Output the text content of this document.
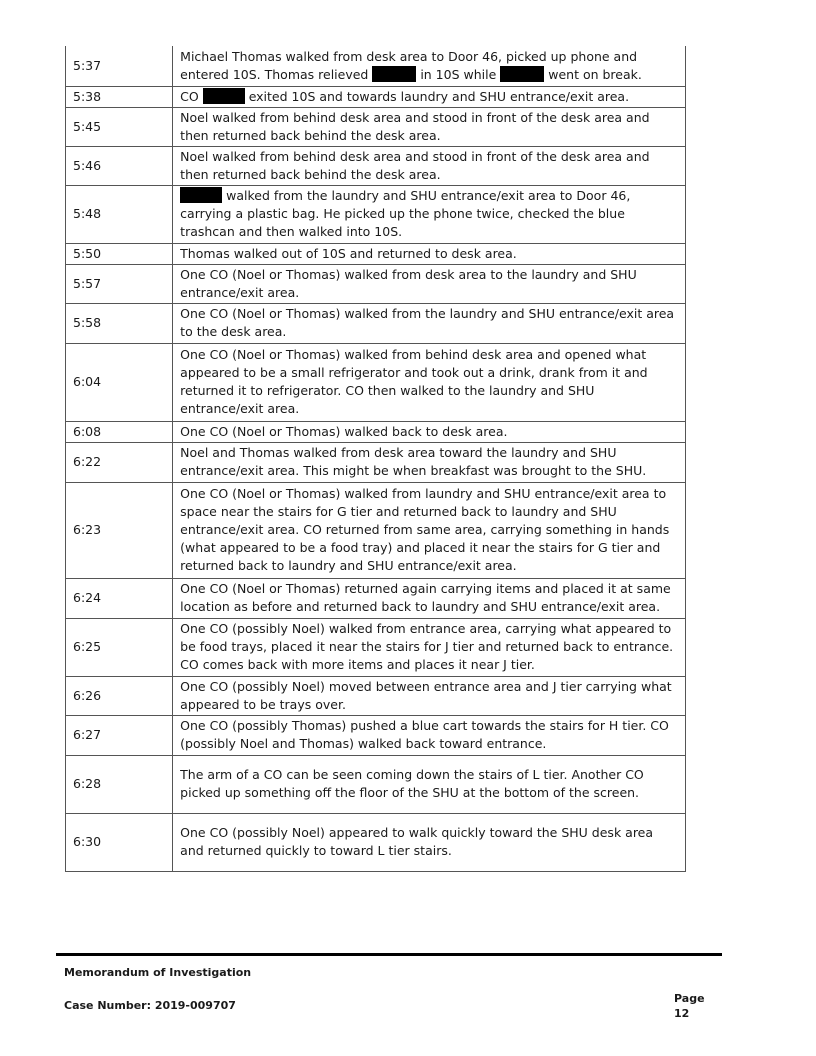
5:37	Michael Thomas walked from desk area to Door 46, picked up phone and entered 10S. Thomas relieved in 10S while went on break.
5:38	CO exited 10S and towards laundry and SHU entrance/exit area.
5:45	Noel walked from behind desk area and stood in front of the desk area and then returned back behind the desk area.
5:46	Noel walked from behind desk area and stood in front of the desk area and then returned back behind the desk area.
5:48	walked from the laundry and SHU entrance/exit area to Door 46, carrying a plastic bag. He picked up the phone twice, checked the blue trashcan and then walked into 10S.
5:50	Thomas walked out of 10S and returned to desk area.
5:57	One CO (Noel or Thomas) walked from desk area to the laundry and SHU entrance/exit area.
5:58	One CO (Noel or Thomas) walked from the laundry and SHU entrance/exit area to the desk area.
6:04	One CO (Noel or Thomas) walked from behind desk area and opened what appeared to be a small refrigerator and took out a drink, drank from it and returned it to refrigerator. CO then walked to the laundry and SHU entrance/exit area.
6:08	One CO (Noel or Thomas) walked back to desk area.
6:22	Noel and Thomas walked from desk area toward the laundry and SHU entrance/exit area. This might be when breakfast was brought to the SHU.
6:23	One CO (Noel or Thomas) walked from laundry and SHU entrance/exit area to space near the stairs for G tier and returned back to laundry and SHU entrance/exit area. CO returned from same area, carrying something in hands (what appeared to be a food tray) and placed it near the stairs for G tier and returned back to laundry and SHU entrance/exit area.
6:24	One CO (Noel or Thomas) returned again carrying items and placed it at same location as before and returned back to laundry and SHU entrance/exit area.
6:25	One CO (possibly Noel) walked from entrance area, carrying what appeared to be food trays, placed it near the stairs for J tier and returned back to entrance. CO comes back with more items and places it near J tier.
6:26	One CO (possibly Noel) moved between entrance area and J tier carrying what appeared to be trays over.
6:27	One CO (possibly Thomas) pushed a blue cart towards the stairs for H tier. CO (possibly Noel and Thomas) walked back toward entrance.
6:28	The arm of a CO can be seen coming down the stairs of L tier. Another CO picked up something off the floor of the SHU at the bottom of the screen.
6:30	One CO (possibly Noel) appeared to walk quickly toward the SHU desk area and returned quickly to toward L tier stairs.
Memorandum of Investigation
Case Number: 2019-009707
Page
12
